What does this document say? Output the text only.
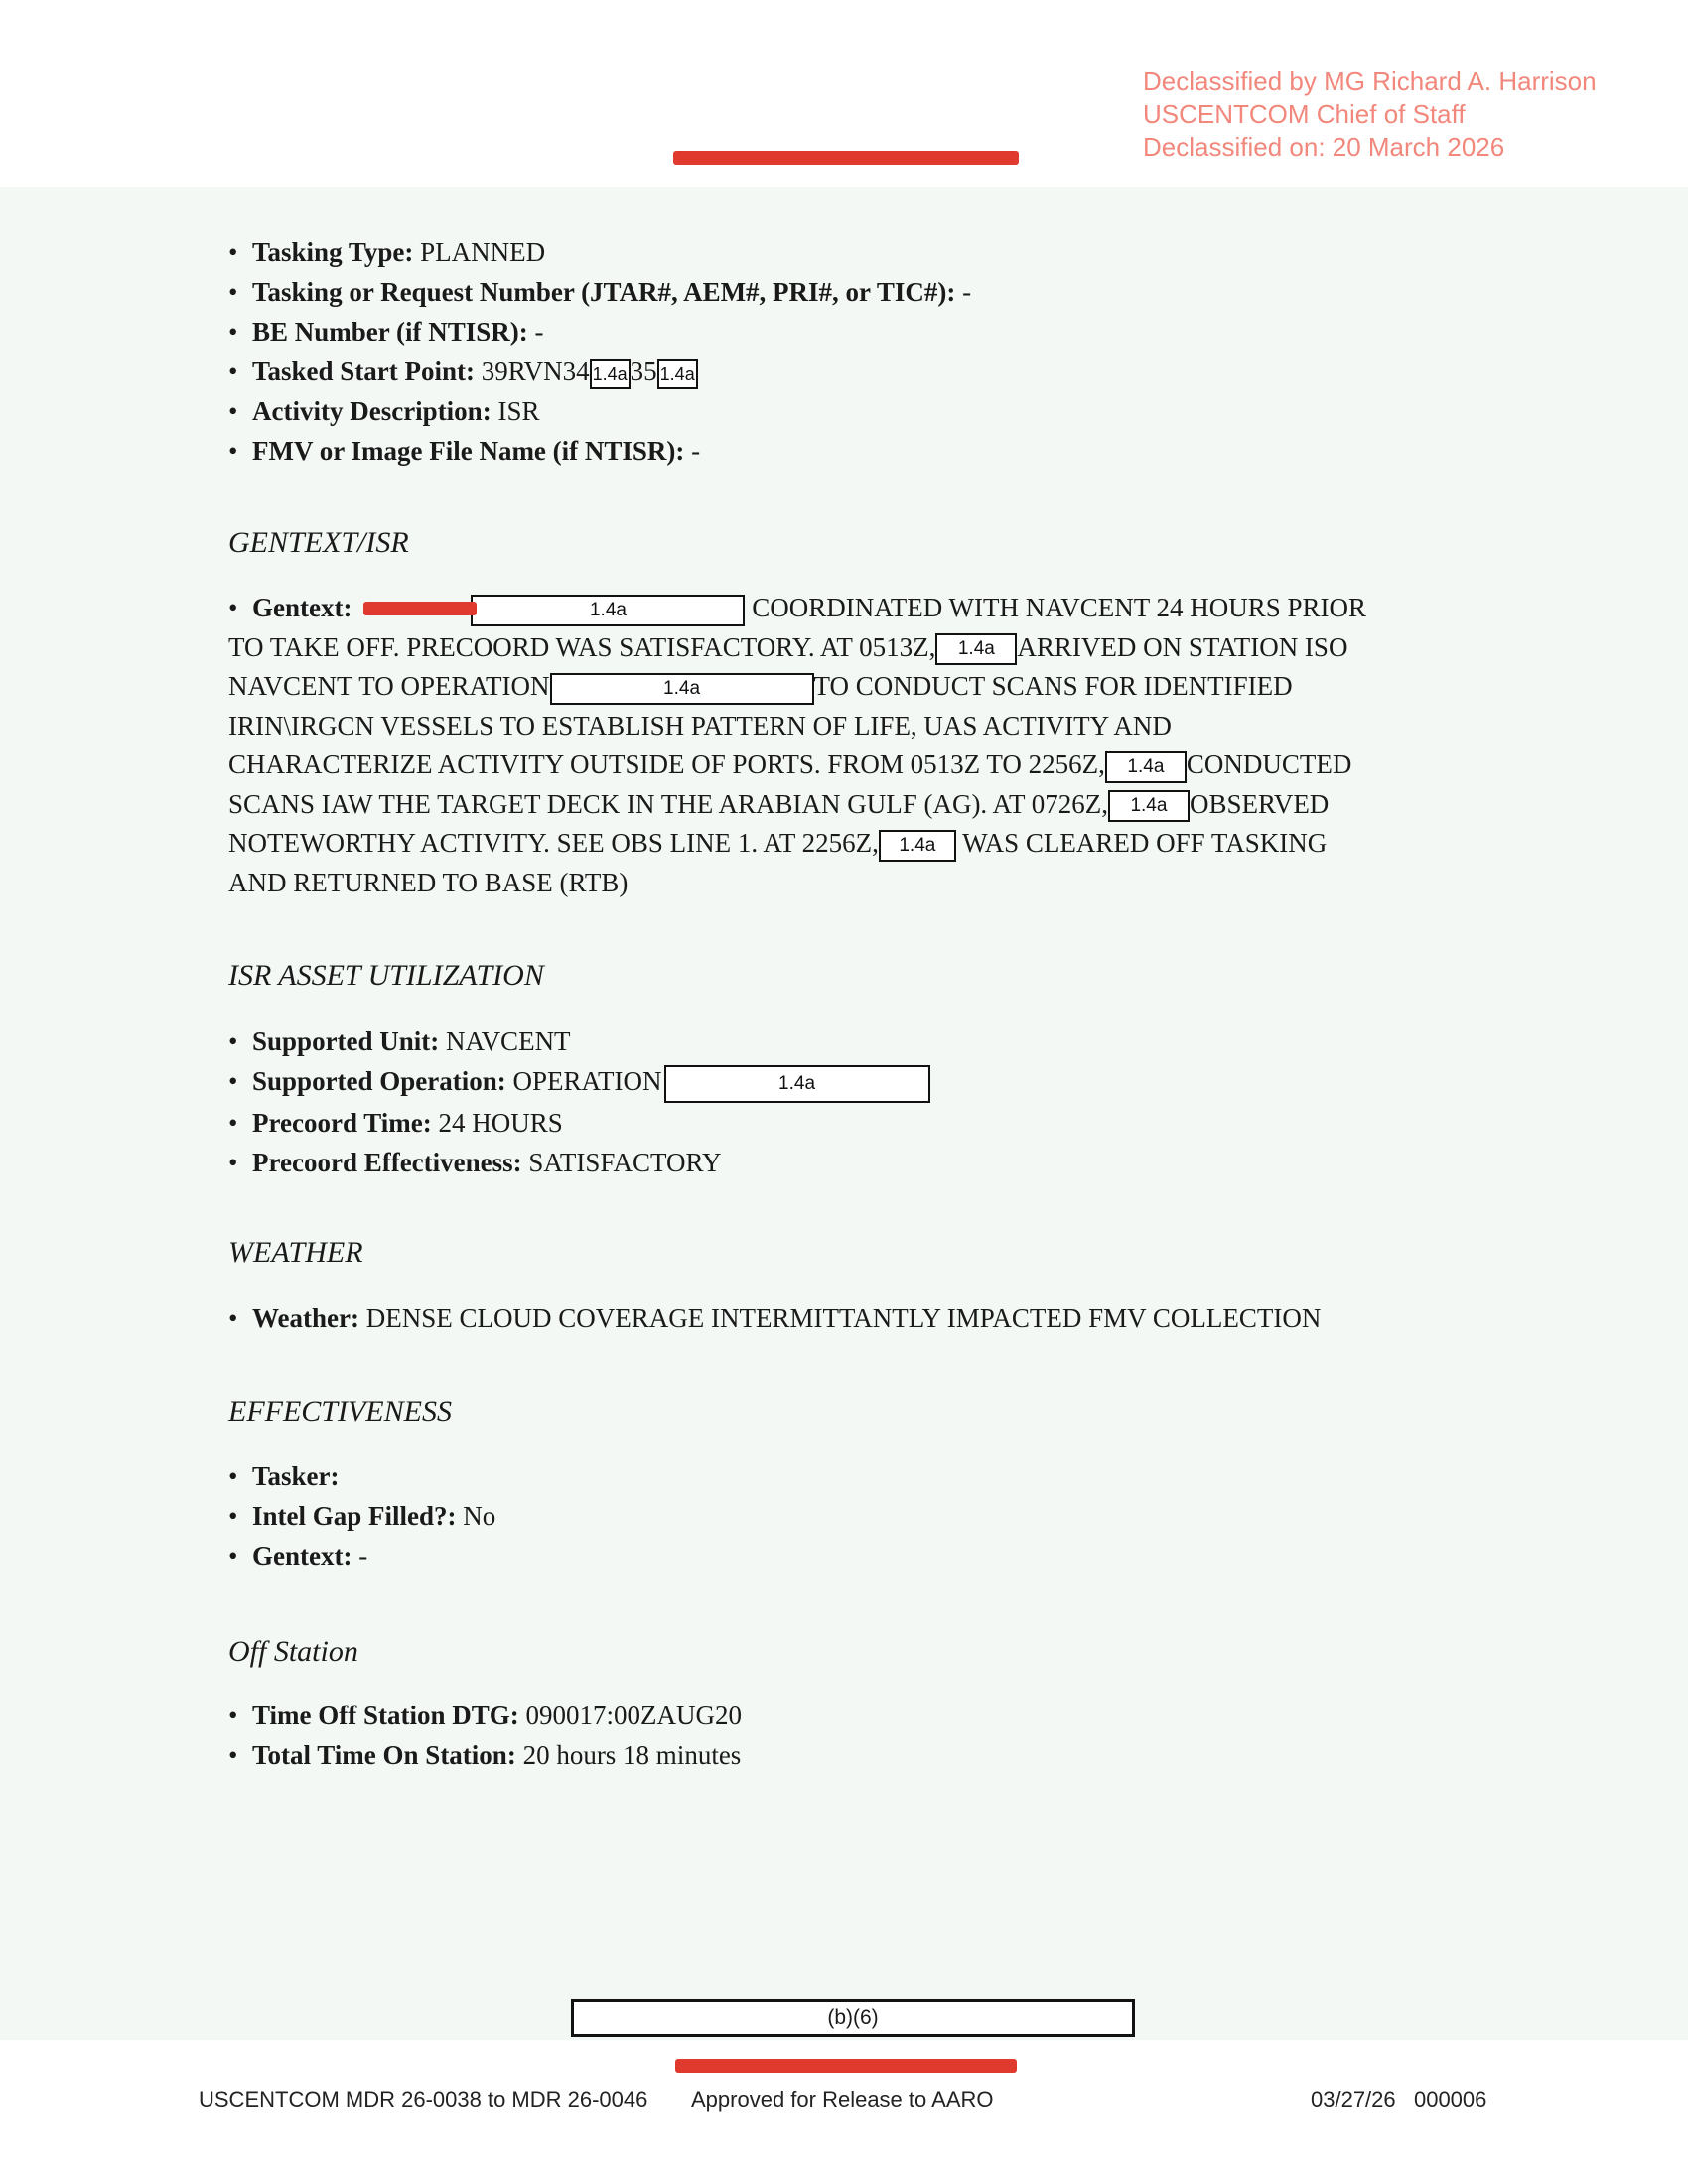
Declassified by MG Richard A. Harrison
USCENTCOM Chief of Staff
Declassified on: 20 March 2026
• Tasking Type: PLANNED
• Tasking or Request Number (JTAR#, AEM#, PRI#, or TIC#): -
• BE Number (if NTISR): -
• Tasked Start Point: 39RVN34 1.4a 35 1.4a
• Activity Description: ISR
• FMV or Image File Name (if NTISR): -
GENTEXT/ISR
• Gentext:	1.4a	COORDINATED WITH NAVCENT 24 HOURS PRIOR
TO TAKE OFF. PRECOORD WAS SATISFACTORY. AT 0513Z, 1.4a ARRIVED ON STATION ISO
NAVCENT TO OPERATION	1.4a	TO CONDUCT SCANS FOR IDENTIFIED
IRIN\IRGCN VESSELS TO ESTABLISH PATTERN OF LIFE, UAS ACTIVITY AND
CHARACTERIZE ACTIVITY OUTSIDE OF PORTS. FROM 0513Z TO 2256Z, 1.4a CONDUCTED
SCANS IAW THE TARGET DECK IN THE ARABIAN GULF (AG). AT 0726Z, 1.4a OBSERVED
NOTEWORTHY ACTIVITY. SEE OBS LINE 1. AT 2256Z, 1.4a WAS CLEARED OFF TASKING
AND RETURNED TO BASE (RTB)
ISR ASSET UTILIZATION
• Supported Unit: NAVCENT
• Supported Operation: OPERATION	1.4a
• Precoord Time: 24 HOURS
• Precoord Effectiveness: SATISFACTORY
WEATHER
• Weather: DENSE CLOUD COVERAGE INTERMITTANTLY IMPACTED FMV COLLECTION
EFFECTIVENESS
• Tasker:
• Intel Gap Filled?: No
• Gentext: -
Off Station
• Time Off Station DTG: 090017:00ZAUG20
• Total Time On Station: 20 hours 18 minutes
(b)(6)
USCENTCOM MDR 26-0038 to MDR 26-0046 Approved for Release to AARO	03/27/26   000006
